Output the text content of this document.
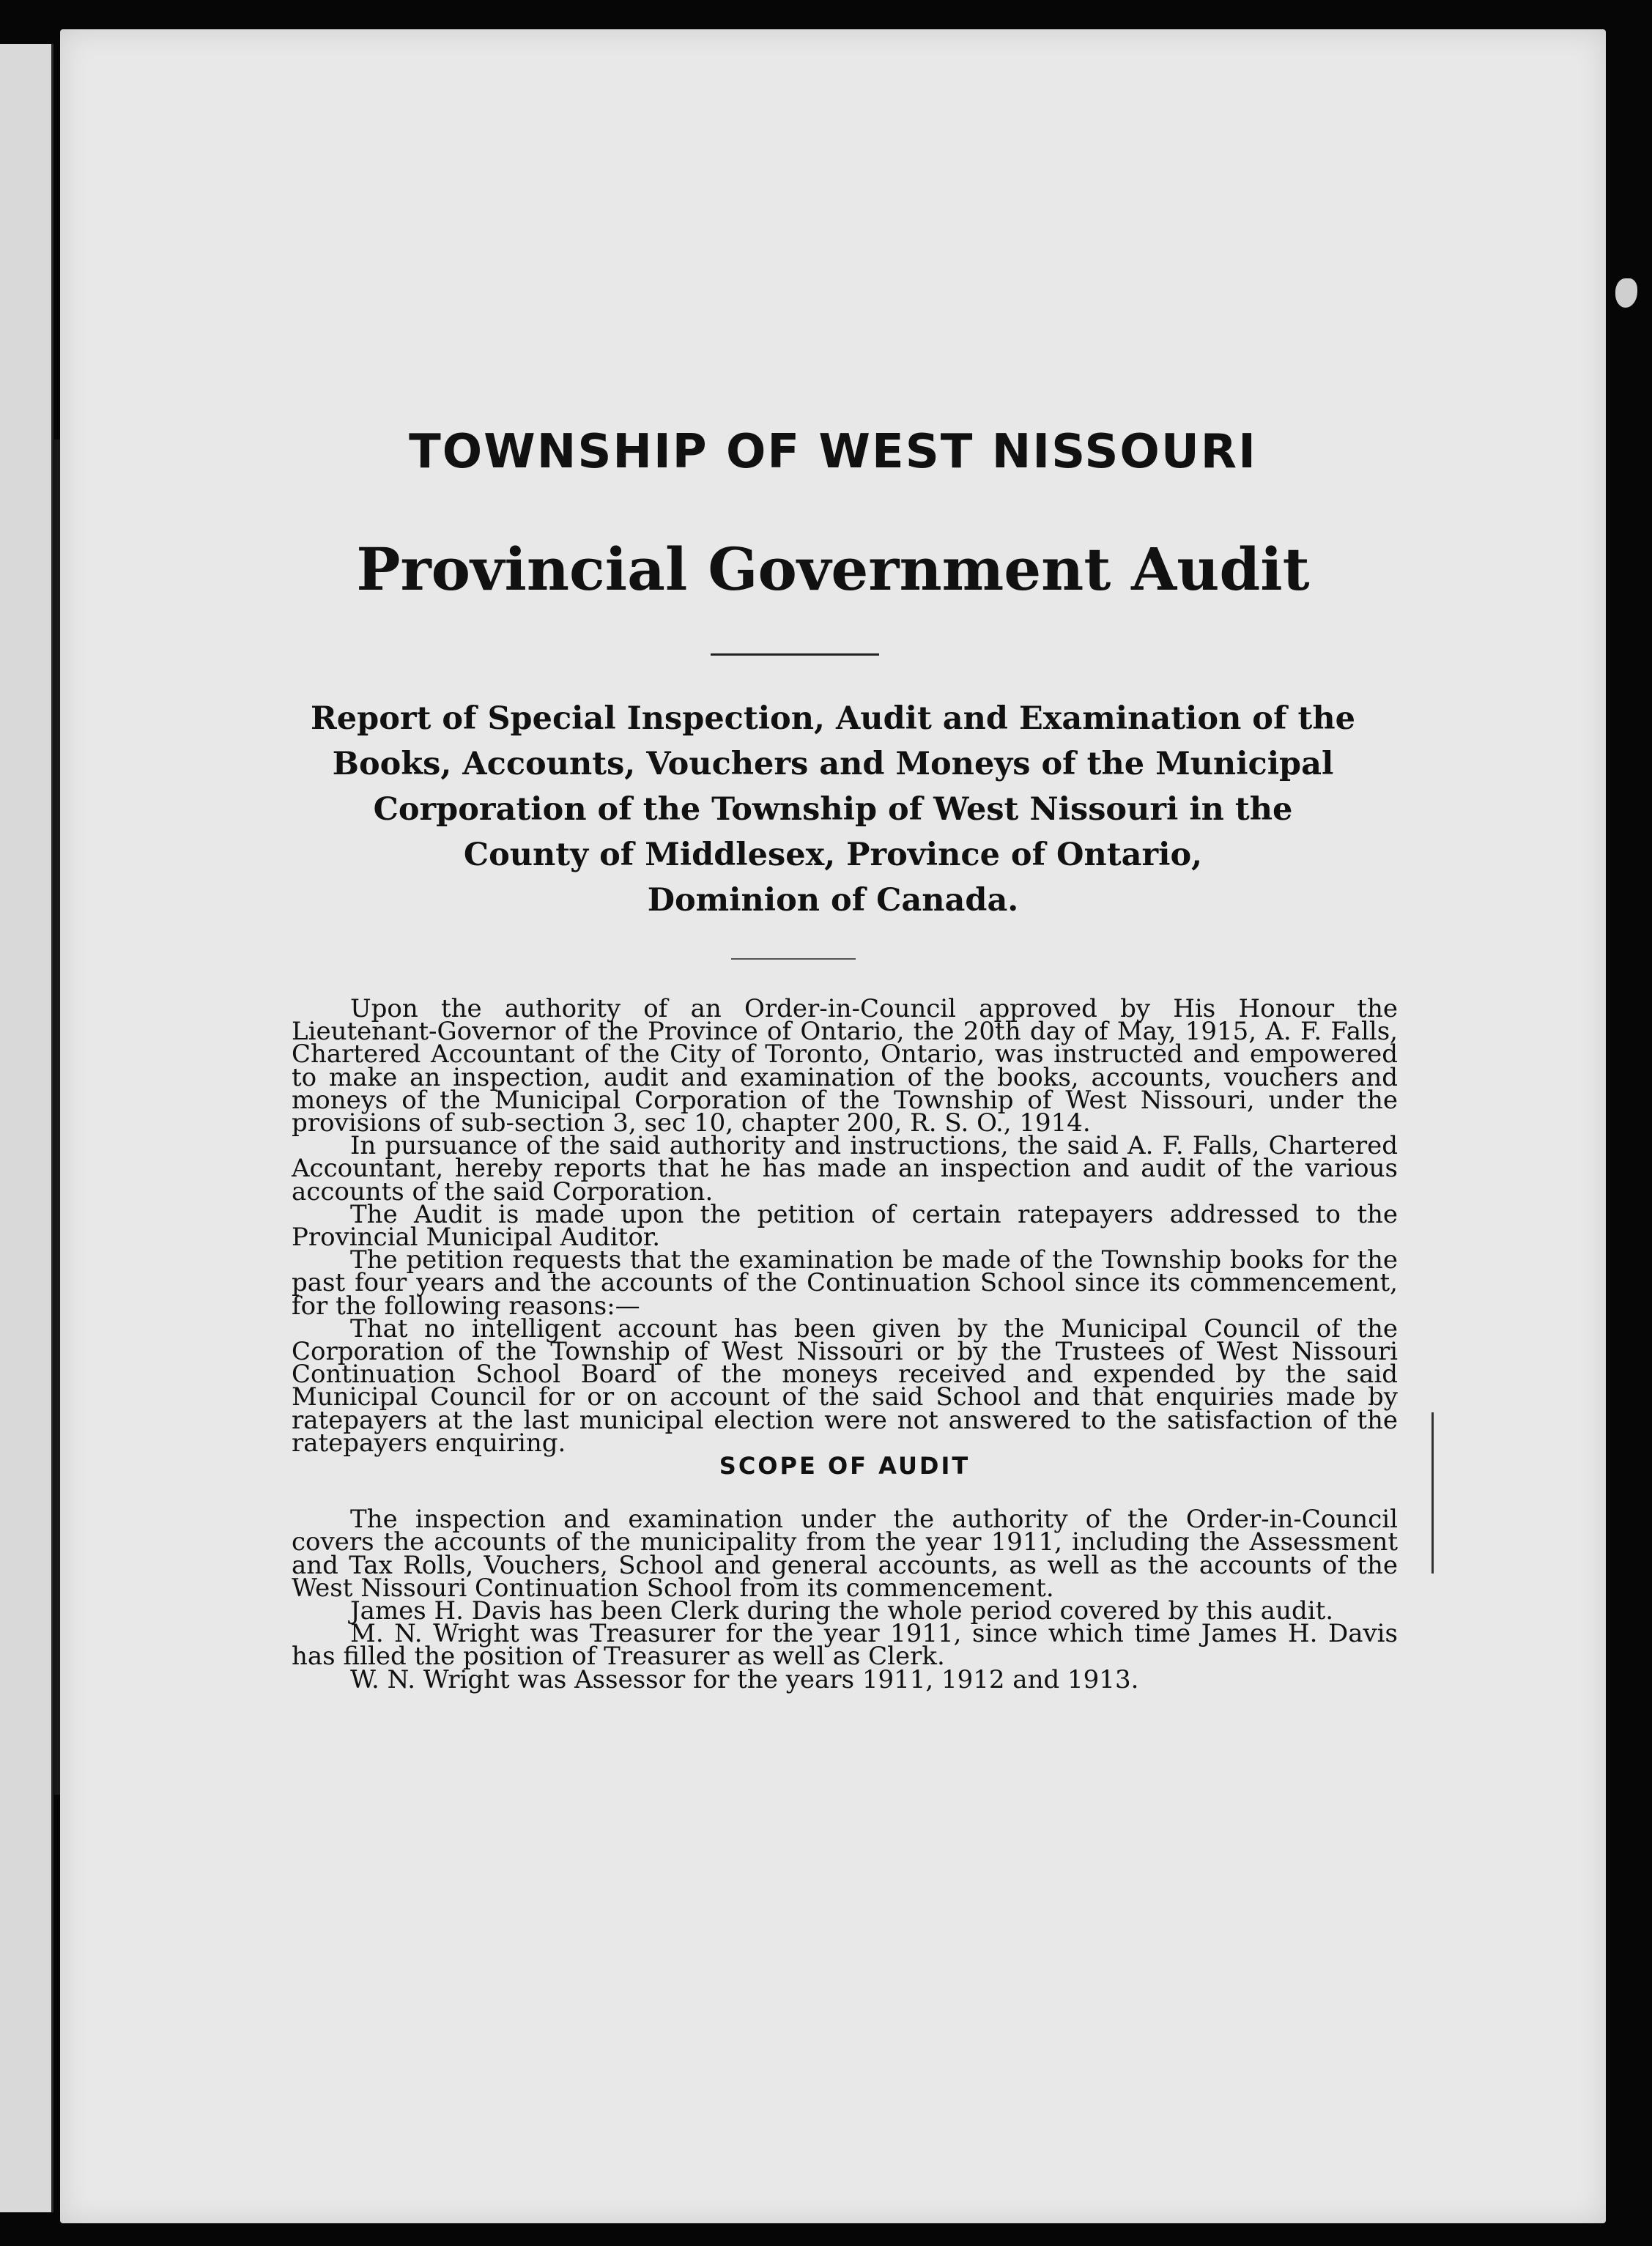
TOWNSHIP OF WEST NISSOURI
Provincial Government Audit
Report of Special Inspection, Audit and Examination of the
Books, Accounts, Vouchers and Moneys of the Municipal
Corporation of the Township of West Nissouri in the
County of Middlesex, Province of Ontario,
Dominion of Canada.

Upon the authority of an Order-in-Council approved by His Honour the Lieutenant-Governor of the Province of Ontario, the 20th day of May, 1915, A. F. Falls, Chartered Accountant of the City of Toronto, Ontario, was instructed and empowered to make an inspection, audit and examination of the books, accounts, vouchers and moneys of the Municipal Corporation of the Township of West Nissouri, under the provisions of sub-section 3, sec 10, chapter 200, R. S. O., 1914.

In pursuance of the said authority and instructions, the said A. F. Falls, Chartered Accountant, hereby reports that he has made an inspection and audit of the various accounts of the said Corporation.

The Audit is made upon the petition of certain ratepayers addressed to the Provincial Municipal Auditor.

The petition requests that the examination be made of the Township books for the past four years and the accounts of the Continuation School since its commencement, for the following reasons:—

That no intelligent account has been given by the Municipal Council of the Corporation of the Township of West Nissouri or by the Trustees of West Nissouri Continuation School Board of the moneys received and expended by the said Municipal Council for or on account of the said School and that enquiries made by ratepayers at the last municipal election were not answered to the satisfaction of the ratepayers enquiring.

SCOPE OF AUDIT

The inspection and examination under the authority of the Order-in-Council covers the accounts of the municipality from the year 1911, including the Assessment and Tax Rolls, Vouchers, School and general accounts, as well as the accounts of the West Nissouri Continuation School from its commencement.

James H. Davis has been Clerk during the whole period covered by this audit.

M. N. Wright was Treasurer for the year 1911, since which time James H. Davis has filled the position of Treasurer as well as Clerk.

W. N. Wright was Assessor for the years 1911, 1912 and 1913.
